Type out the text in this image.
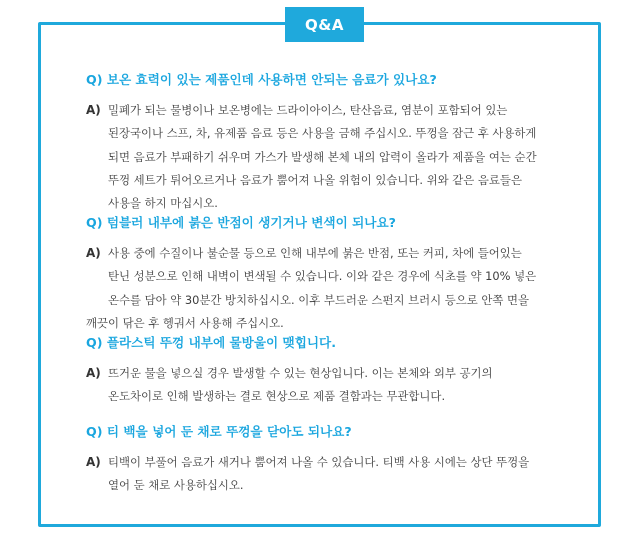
Q&A

Q) 보온 효력이 있는 제품인데 사용하면 안되는 음료가 있나요?

A) 밀폐가 되는 물병이나 보온병에는 드라이아이스, 탄산음료, 염분이 포함되어 있는
된장국이나 스프, 차, 유제품 음료 등은 사용을 금해 주십시오. 뚜껑을 잠근 후 사용하게
되면 음료가 부패하기 쉬우며 가스가 발생해 본체 내의 압력이 올라가 제품을 여는 순간
뚜껑 세트가 튀어오르거나 음료가 뿜어져 나올 위험이 있습니다. 위와 같은 음료들은
사용을 하지 마십시오.

Q) 텀블러 내부에 붉은 반점이 생기거나 변색이 되나요?

A) 사용 중에 수질이나 불순물 등으로 인해 내부에 붉은 반점, 또는 커피, 차에 들어있는
탄닌 성분으로 인해 내벽이 변색될 수 있습니다. 이와 같은 경우에 식초를 약 10% 넣은
온수를 담아 약 30분간 방치하십시오. 이후 부드러운 스펀지 브러시 등으로 안쪽 면을
깨끗이 닦은 후 헹궈서 사용해 주십시오.

Q) 플라스틱 뚜껑 내부에 물방울이 맺힙니다.

A) 뜨거운 물을 넣으실 경우 발생할 수 있는 현상입니다. 이는 본체와 외부 공기의
온도차이로 인해 발생하는 결로 현상으로 제품 결함과는 무관합니다.

Q) 티 백을 넣어 둔 채로 뚜껑을 닫아도 되나요?

A) 티백이 부풀어 음료가 새거나 뿜어져 나올 수 있습니다. 티백 사용 시에는 상단 뚜껑을
열어 둔 채로 사용하십시오.
